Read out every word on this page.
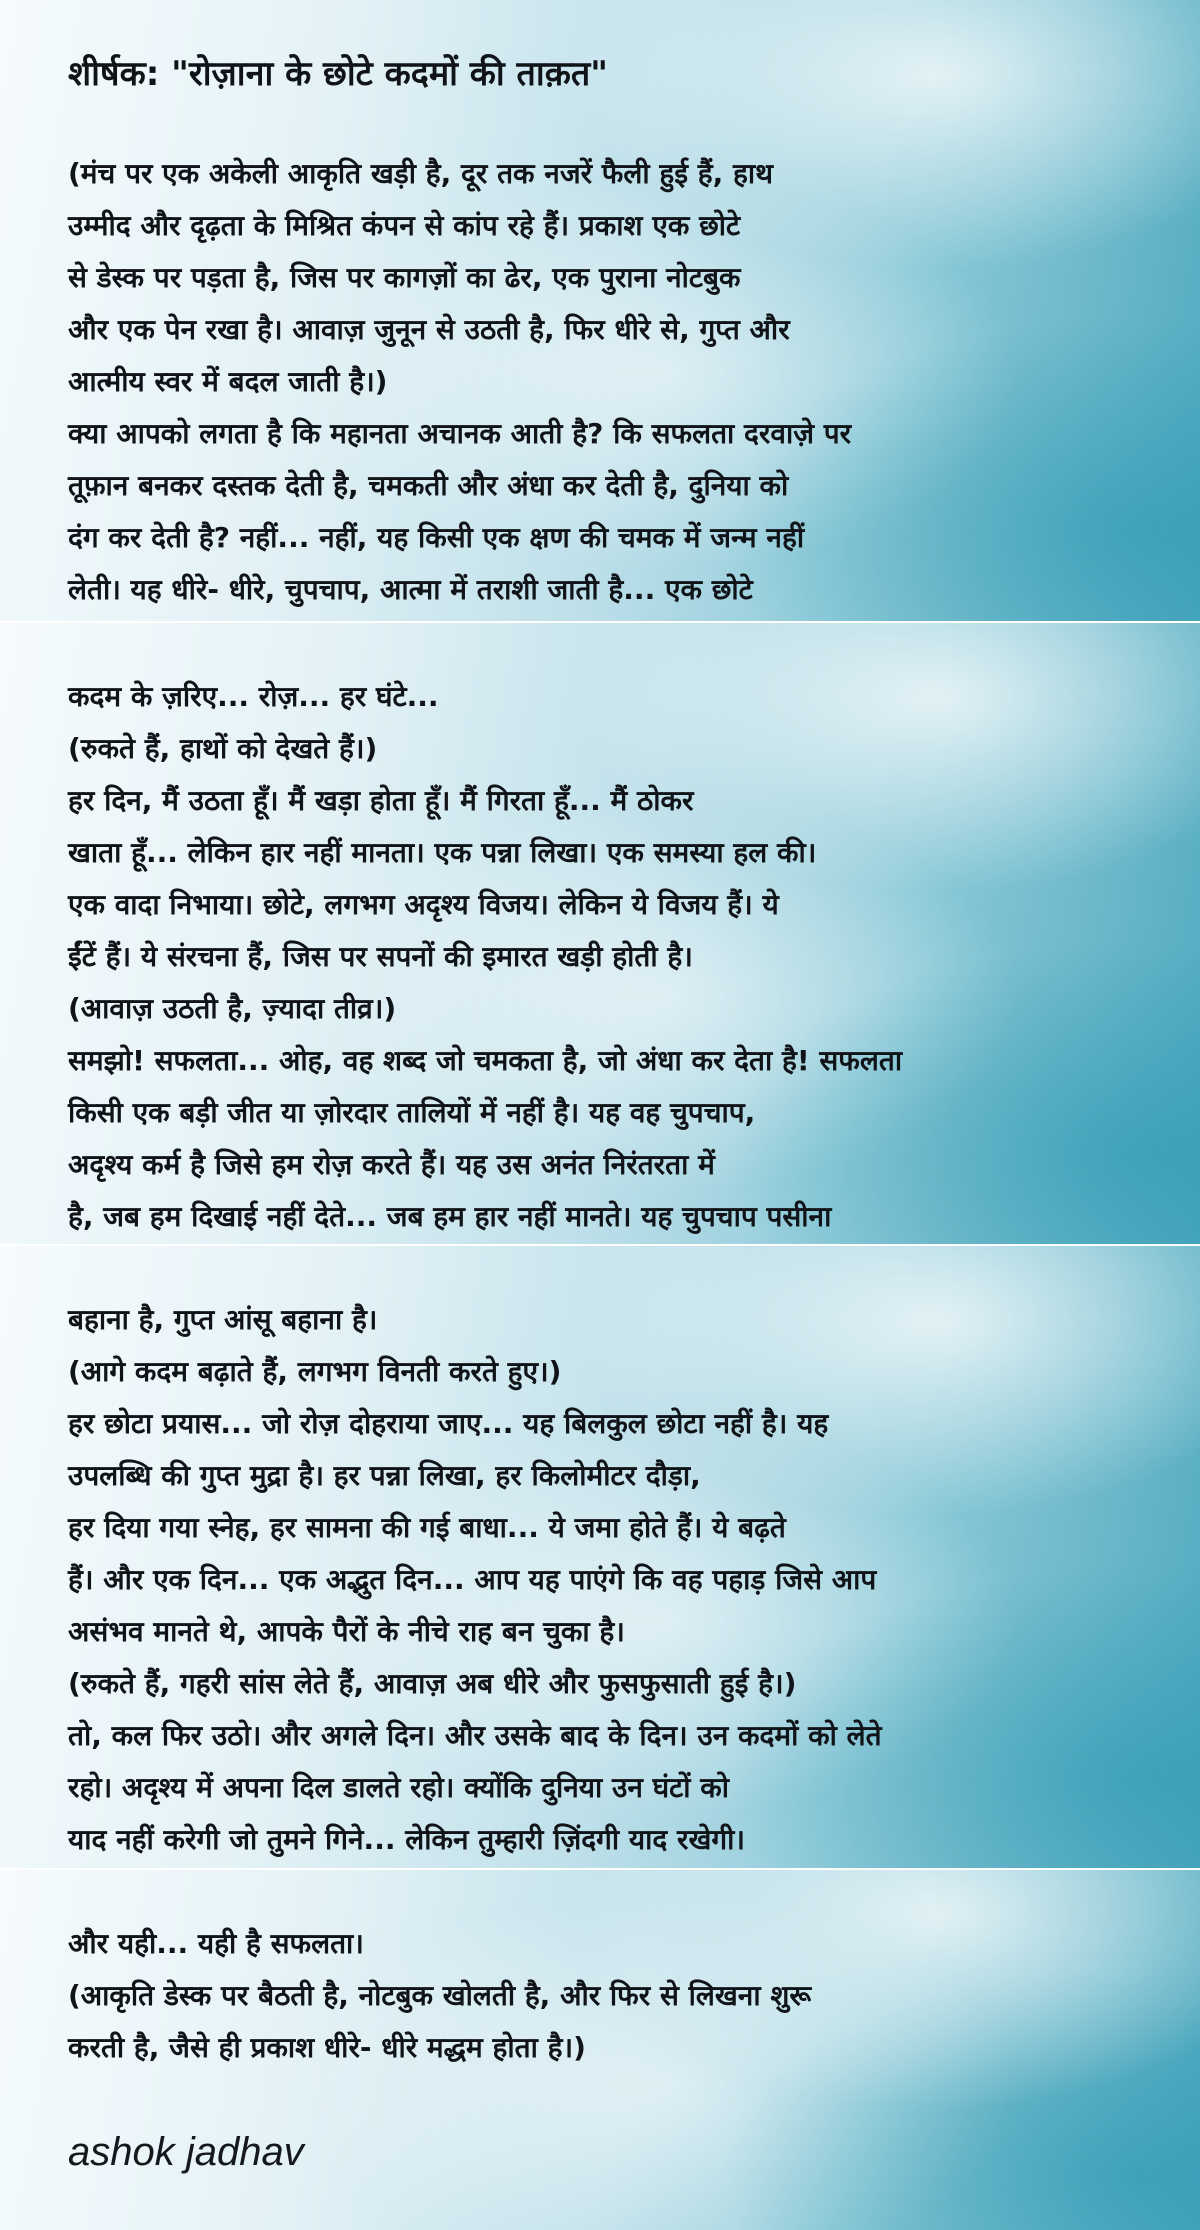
शीर्षक: "रोज़ाना के छोटे कदमों की ताक़त"
(मंच पर एक अकेली आकृति खड़ी है, दूर तक नजरें फैली हुई हैं, हाथ
उम्मीद और दृढ़ता के मिश्रित कंपन से कांप रहे हैं। प्रकाश एक छोटे
से डेस्क पर पड़ता है, जिस पर कागज़ों का ढेर, एक पुराना नोटबुक
और एक पेन रखा है। आवाज़ जुनून से उठती है, फिर धीरे से, गुप्त और
आत्मीय स्वर में बदल जाती है।)
क्या आपको लगता है कि महानता अचानक आती है? कि सफलता दरवाज़े पर
तूफ़ान बनकर दस्तक देती है, चमकती और अंधा कर देती है, दुनिया को
दंग कर देती है? नहीं... नहीं, यह किसी एक क्षण की चमक में जन्म नहीं
लेती। यह धीरे- धीरे, चुपचाप, आत्मा में तराशी जाती है... एक छोटे
कदम के ज़रिए... रोज़... हर घंटे...
(रुकते हैं, हाथों को देखते हैं।)
हर दिन, मैं उठता हूँ। मैं खड़ा होता हूँ। मैं गिरता हूँ... मैं ठोकर
खाता हूँ... लेकिन हार नहीं मानता। एक पन्ना लिखा। एक समस्या हल की।
एक वादा निभाया। छोटे, लगभग अदृश्य विजय। लेकिन ये विजय हैं। ये
ईंटें हैं। ये संरचना हैं, जिस पर सपनों की इमारत खड़ी होती है।
(आवाज़ उठती है, ज़्यादा तीव्र।)
समझो! सफलता... ओह, वह शब्द जो चमकता है, जो अंधा कर देता है! सफलता
किसी एक बड़ी जीत या ज़ोरदार तालियों में नहीं है। यह वह चुपचाप,
अदृश्य कर्म है जिसे हम रोज़ करते हैं। यह उस अनंत निरंतरता में
है, जब हम दिखाई नहीं देते... जब हम हार नहीं मानते। यह चुपचाप पसीना
बहाना है, गुप्त आंसू बहाना है।
(आगे कदम बढ़ाते हैं, लगभग विनती करते हुए।)
हर छोटा प्रयास... जो रोज़ दोहराया जाए... यह बिलकुल छोटा नहीं है। यह
उपलब्धि की गुप्त मुद्रा है। हर पन्ना लिखा, हर किलोमीटर दौड़ा,
हर दिया गया स्नेह, हर सामना की गई बाधा... ये जमा होते हैं। ये बढ़ते
हैं। और एक दिन... एक अद्भुत दिन... आप यह पाएंगे कि वह पहाड़ जिसे आप
असंभव मानते थे, आपके पैरों के नीचे राह बन चुका है।
(रुकते हैं, गहरी सांस लेते हैं, आवाज़ अब धीरे और फुसफुसाती हुई है।)
तो, कल फिर उठो। और अगले दिन। और उसके बाद के दिन। उन कदमों को लेते
रहो। अदृश्य में अपना दिल डालते रहो। क्योंकि दुनिया उन घंटों को
याद नहीं करेगी जो तुमने गिने... लेकिन तुम्हारी ज़िंदगी याद रखेगी।
और यही... यही है सफलता।
(आकृति डेस्क पर बैठती है, नोटबुक खोलती है, और फिर से लिखना शुरू
करती है, जैसे ही प्रकाश धीरे- धीरे मद्धम होता है।)
ashok jadhav
